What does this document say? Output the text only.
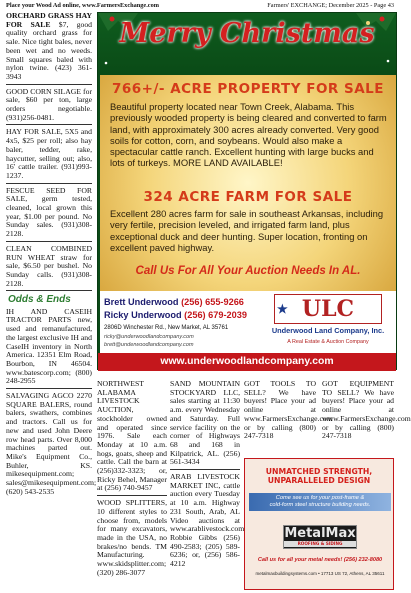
Place your Wood Ad online, www.FarmersExchange.com	Farmers' EXCHANGE; December 2025 - Page 43

ORCHARD GRASS HAY FOR SALE $7, good quality orchard grass for sale. Nice tight bales, never been wet and no weeds. Small squares baled with nylon twine. (423) 361-3943

GOOD CORN SILAGE for sale, $60 per ton, large orders negotiable. (931)256-0481.

HAY FOR SALE, 5X5 and 4x5, $25 per roll; also hay baler, tedder, rake, haycutter, selling out; also, 16' cattle trailer. (931)993-1237.

FESCUE SEED FOR SALE, germ tested, cleaned, local grown this year, $1.00 per pound. No Sunday sales. (931)308-2128.

CLEAN COMBINED RUN WHEAT straw for sale, $6.50 per bushel. No Sunday calls. (931)308-2128.

Odds & Ends

IH AND CASEIH TRACTOR PARTS new, used and remanufactured, the largest exclusive IH and CaseIH inventory in North America. 12351 Elm Road, Bourbon, IN 46504. www.batescorp.com; (800) 248-2955

SALVAGING AGCO 2270 SQUARE BALERS, round balers, swathers, combines and tractors. Call us for new and used John Deere row head parts. Over 8,000 machines parted out. Mike's Equipment Co., Buhler, KS. mikesequipment.com; sales@mikesequipment.com; (620) 543-2535

NORTHWEST ALABAMA LIVESTOCK AUCTION, stockholder owned and operated since 1976. Sale each Monday at 10 a.m. hogs, goats, sheep and cattle. Call the barn at (256)332-3323; or, Ricky Behel, Manager at (256) 740-9457

WOOD SPLITTERS, 10 different styles to choose from, models for many excavators, made in the USA, no brakes/no bends. TM Manufacturing. www.skidsplitter.com; (320) 286-3077

SAND MOUNTAIN STOCKYARD LLC, sales starting at 11:30 a.m. every Wednesday and Saturday. Full service facility on the corner of Highways 68 and 168 in Kilpatrick, AL. (256) 561-3434

ARAB LIVESTOCK MARKET INC, cattle auction every Tuesday at 10 a.m. Highway 231 South, Arab, AL Video auctions at www.arablivestock.com Robbie Gibbs (256) 490-2583; (205) 589-6236; or, (256) 586-4212

GOT TOOLS TO SELL? We have buyers! Place your ad online at www.FarmersExchange.com or by calling (800) 247-7318

GOT EQUIPMENT TO SELL? We have buyers! Place your ad online at www.FarmersExchange.com or by calling (800) 247-7318

Merry Christmas
766+/- ACRE PROPERTY FOR SALE
Beautiful property located near Town Creek, Alabama. This previously wooded property is being cleared and converted to farm land, with approximately 300 acres already converted. Very good soils for cotton, corn, and soybeans. Would also make a spectacular cattle ranch. Excellent hunting with large bucks and lots of turkeys. MORE LAND AVAILABLE!
324 ACRE FARM FOR SALE
Excellent 280 acres farm for sale in southeast Arkansas, including very fertile, precision leveled, and irrigated farm land, plus exceptional duck and deer hunting. Super location, fronting on excellent paved highway.
Call Us For All Your Auction Needs In AL.
Brett Underwood (256) 655-9266
Ricky Underwood (256) 679-2039
2806D Winchester Rd., New Market, AL 35761
ricky@underwoodlandcompany.com
brett@underwoodlandcompany.com
★ ULC
Underwood Land Company, Inc.
A Real Estate & Auction Company
www.underwoodlandcompany.com
UNMATCHED STRENGTH,
UNPARALLELED DESIGN
Come see us for your post-frame &
cold-form steel structure building needs.
MetalMax
ROOFING & SIDING
Call us for all your metal needs! (256) 232-8080
metalmaxbuildingsystems.com • 17713 US 72, Athens, AL 35611
